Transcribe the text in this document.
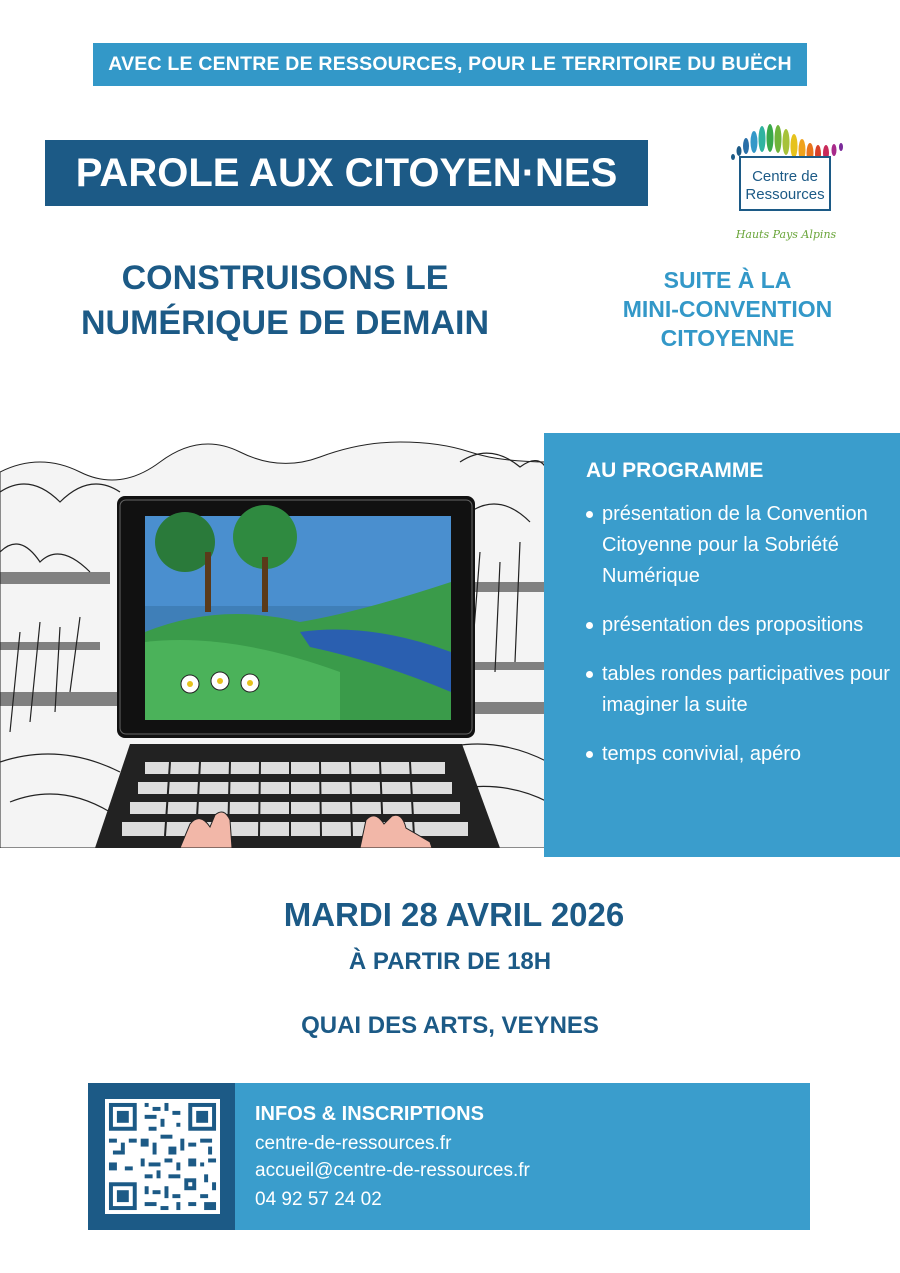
AVEC LE CENTRE DE RESSOURCES, POUR LE TERRITOIRE DU BUËCH
PAROLE AUX CITOYEN·NES
CONSTRUISONS LE
NUMÉRIQUE DE DEMAIN
SUITE À LA
MINI-CONVENTION
CITOYENNE
Centre de
Ressources
Hauts Pays Alpins
AU PROGRAMME
présentation de la Convention Citoyenne pour la Sobriété Numérique
présentation des propositions
tables rondes participatives pour imaginer la suite
temps convivial, apéro
MARDI 28 AVRIL 2026
À PARTIR DE 18H
QUAI DES ARTS, VEYNES
INFOS & INSCRIPTIONS
centre-de-ressources.fr
accueil@centre-de-ressources.fr
04 92 57 24 02
